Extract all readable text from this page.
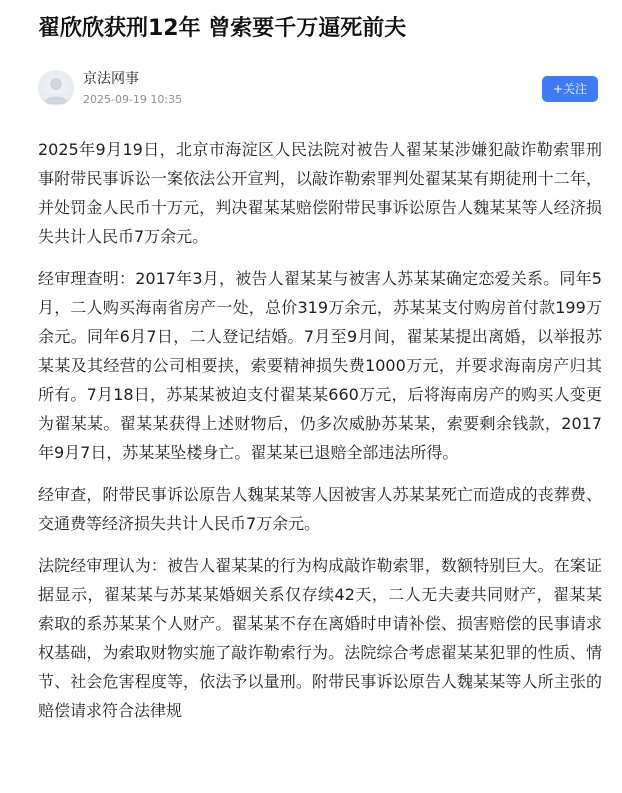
翟欣欣获刑12年 曾索要千万逼死前夫
京法网事
2025-09-19 10:35
+关注

2025年9月19日，北京市海淀区人民法院对被告人翟某某涉嫌犯敲诈勒索罪刑事附带民事诉讼一案依法公开宣判，以敲诈勒索罪判处翟某某有期徒刑十二年，并处罚金人民币十万元，判决翟某某赔偿附带民事诉讼原告人魏某某等人经济损失共计人民币7万余元。

经审理查明：2017年3月，被告人翟某某与被害人苏某某确定恋爱关系。同年5月，二人购买海南省房产一处，总价319万余元，苏某某支付购房首付款199万余元。同年6月7日，二人登记结婚。7月至9月间，翟某某提出离婚，以举报苏某某及其经营的公司相要挟，索要精神损失费1000万元，并要求海南房产归其所有。7月18日，苏某某被迫支付翟某某660万元，后将海南房产的购买人变更为翟某某。翟某某获得上述财物后，仍多次威胁苏某某，索要剩余钱款，2017年9月7日，苏某某坠楼身亡。翟某某已退赔全部违法所得。

经审查，附带民事诉讼原告人魏某某等人因被害人苏某某死亡而造成的丧葬费、交通费等经济损失共计人民币7万余元。

法院经审理认为：被告人翟某某的行为构成敲诈勒索罪，数额特别巨大。在案证据显示，翟某某与苏某某婚姻关系仅存续42天，二人无夫妻共同财产，翟某某索取的系苏某某个人财产。翟某某不存在离婚时申请补偿、损害赔偿的民事请求权基础，为索取财物实施了敲诈勒索行为。法院综合考虑翟某某犯罪的性质、情节、社会危害程度等，依法予以量刑。附带民事诉讼原告人魏某某等人所主张的赔偿请求符合法律规
